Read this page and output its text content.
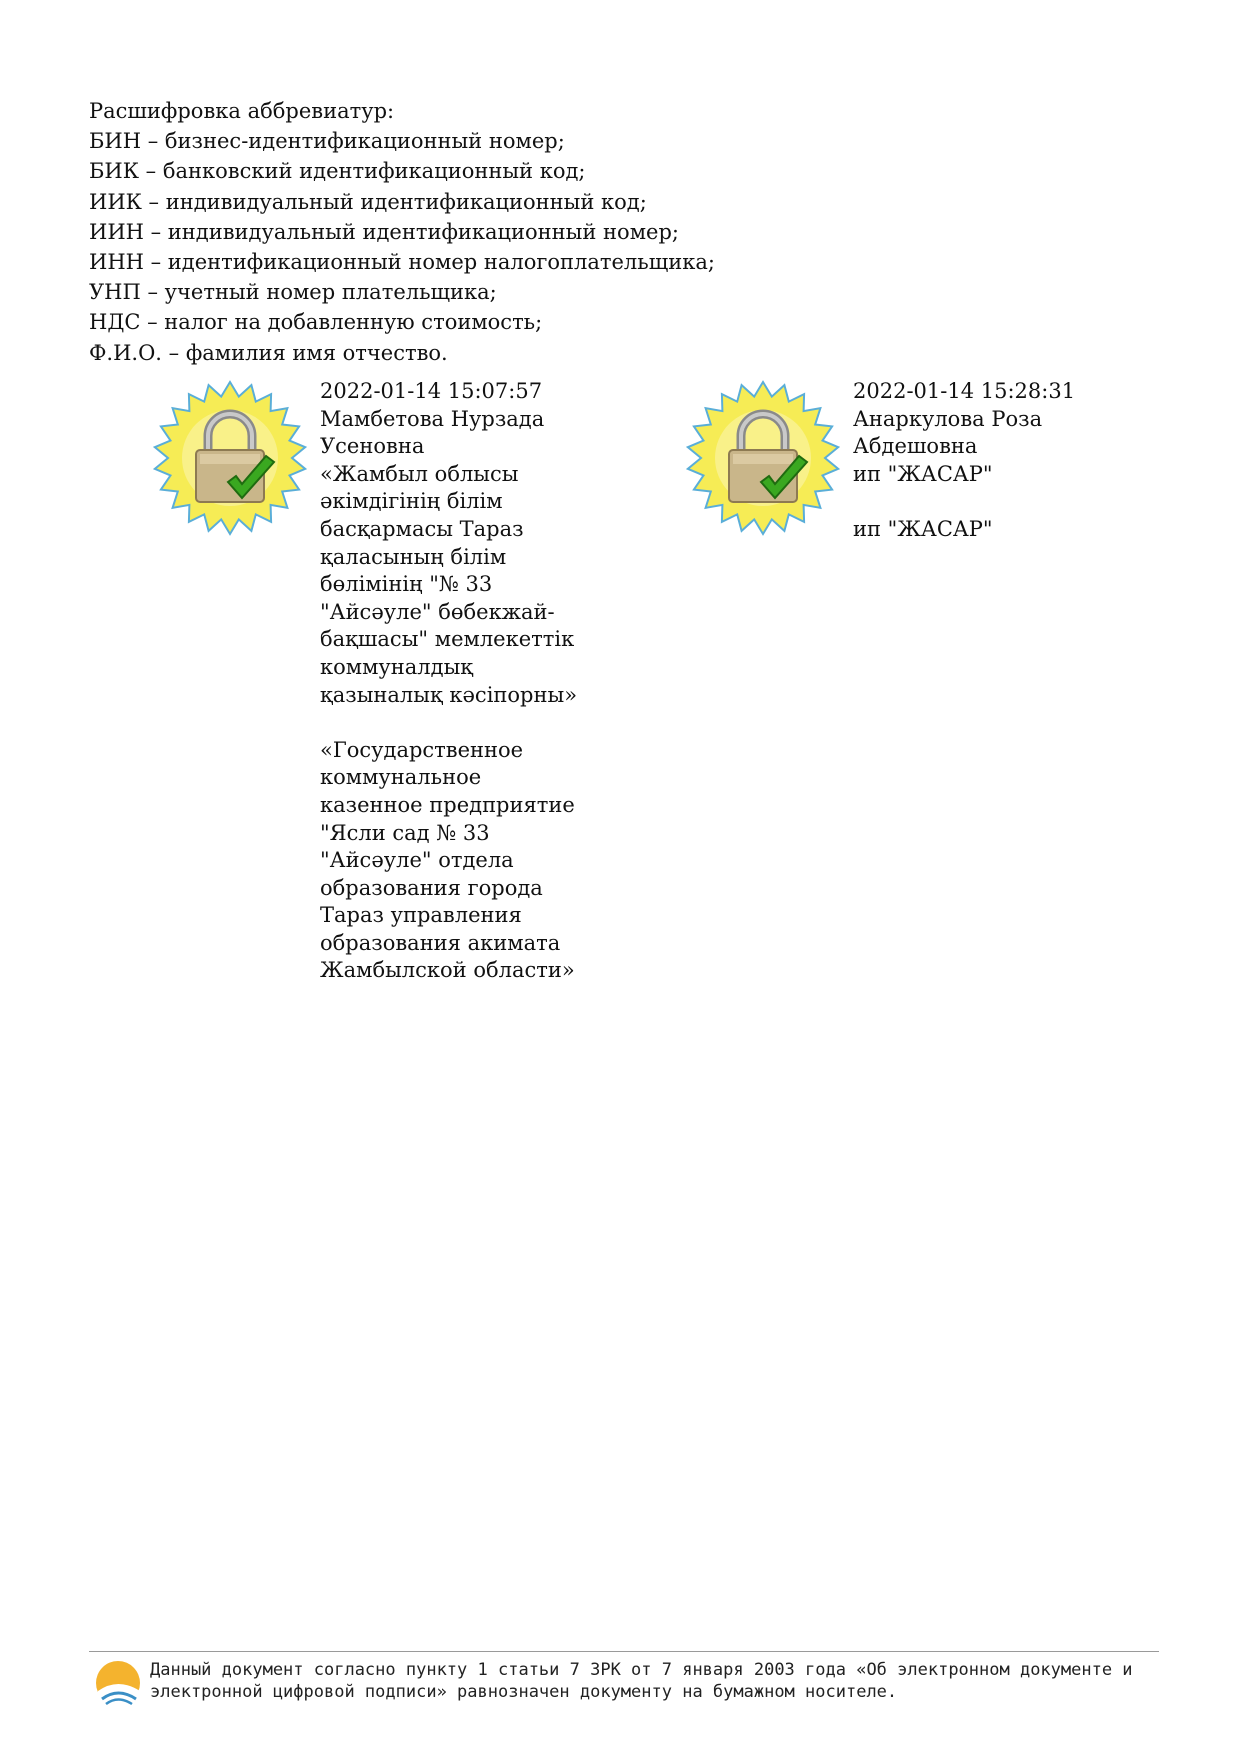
Расшифровка аббревиатур:
БИН – бизнес-идентификационный номер;
БИК – банковский идентификационный код;
ИИК – индивидуальный идентификационный код;
ИИН – индивидуальный идентификационный номер;
ИНН – идентификационный номер налогоплательщика;
УНП – учетный номер плательщика;
НДС – налог на добавленную стоимость;
Ф.И.О. – фамилия имя отчество.
2022-01-14 15:07:57
Мамбетова Нурзада Усеновна
«Жамбыл облысы әкімдігінің білім басқармасы Тараз қаласының білім бөлімінің "№ 33 "Айсәуле" бөбекжай-бақшасы" мемлекеттік коммуналдық қазыналық кәсіпорны»

«Государственное коммунальное казенное предприятие "Ясли сад № 33 "Айсәуле" отдела образования города Тараз управления образования акимата Жамбылской области»
2022-01-14 15:28:31
Анаркулова Роза Абдешовна
ип "ЖАСАР"

ип "ЖАСАР"
Данный документ согласно пункту 1 статьи 7 ЗРК от 7 января 2003 года «Об электронном документе и
электронной цифровой подписи» равнозначен документу на бумажном носителе.
